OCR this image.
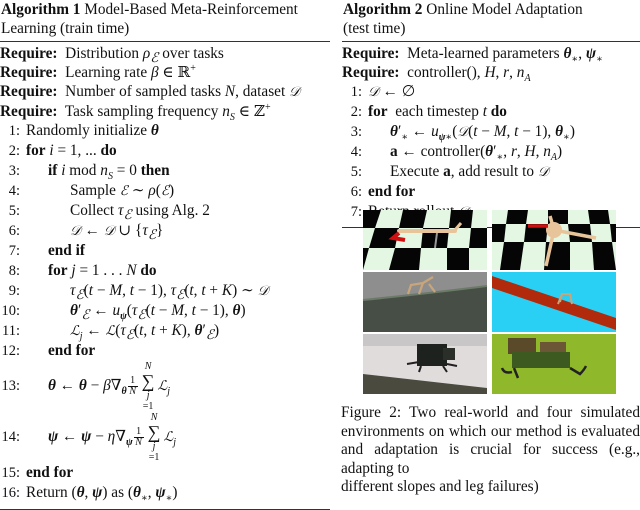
Algorithm 1 Model-Based Meta-Reinforcement
Learning (train time)
Require:  Distribution $\rho_ℰ$ over tasks
Require:  Learning rate β ∈ ℝ+
Require:  Number of sampled tasks N, dataset 𝒟
Require:  Task sampling frequency $n_S$ ∈ ℤ+
1: Randomly initialize θ
2: for i = 1, ... do
3: if i mod $n_S = 0$ then
4:	Sample ℰ ∼ ρ(ℰ)
5:	Collect $\tau_ℰ$ using Alg. 2
6:	𝒟 ← 𝒟 ∪ $\{\tau_ℰ\}$
7: end if
8: for j = 1 . . . N do
9:	$\tau_ℰ(t - M$, t − 1), $\tau_ℰ(t$, t + K) ∼ 𝒟
10:	$\theta'_ℰ$ ← $u_\psi(\tau_ℰ(t - M$, t − 1), θ)
11:	ℒ$_j$ ← $ℒ(\tau_ℰ(t$, t + K), $\theta'_ℰ$)
12: end for
13: θ ← $\theta - \beta\nabla_\theta \frac{1}{N}$
N
∑
j
=1ℒ$_j$
14: ψ ← $\psi - \eta\nabla_\psi \frac{1}{N}$
N
∑
j
=1ℒ$_j$
15: end for
16: Return (θ, ψ) as ($\theta_∗$, $\psi_∗$)
Algorithm 2 Online Model Adaptation
(test time)
Require:  Meta-learned parameters $\theta_∗$, $\psi_∗$
Require:  controller(), H, r, $n_A$
1: 𝒟 ← ∅
2: for  each timestep t do
3: $\theta'_∗$ ← $u_{\psi∗}(𝒟(t - M$, t − 1), $\theta_∗$)
4: a ← $controller(\theta'_∗$, r, H, $n_A$)
5: Execute a, add result to 𝒟
6: end for
7:
Figure 2: Two real-world and four simulated environments on which our method is evaluated and adaptation is crucial for success (e.g., adapting to
different slopes and leg failures)
